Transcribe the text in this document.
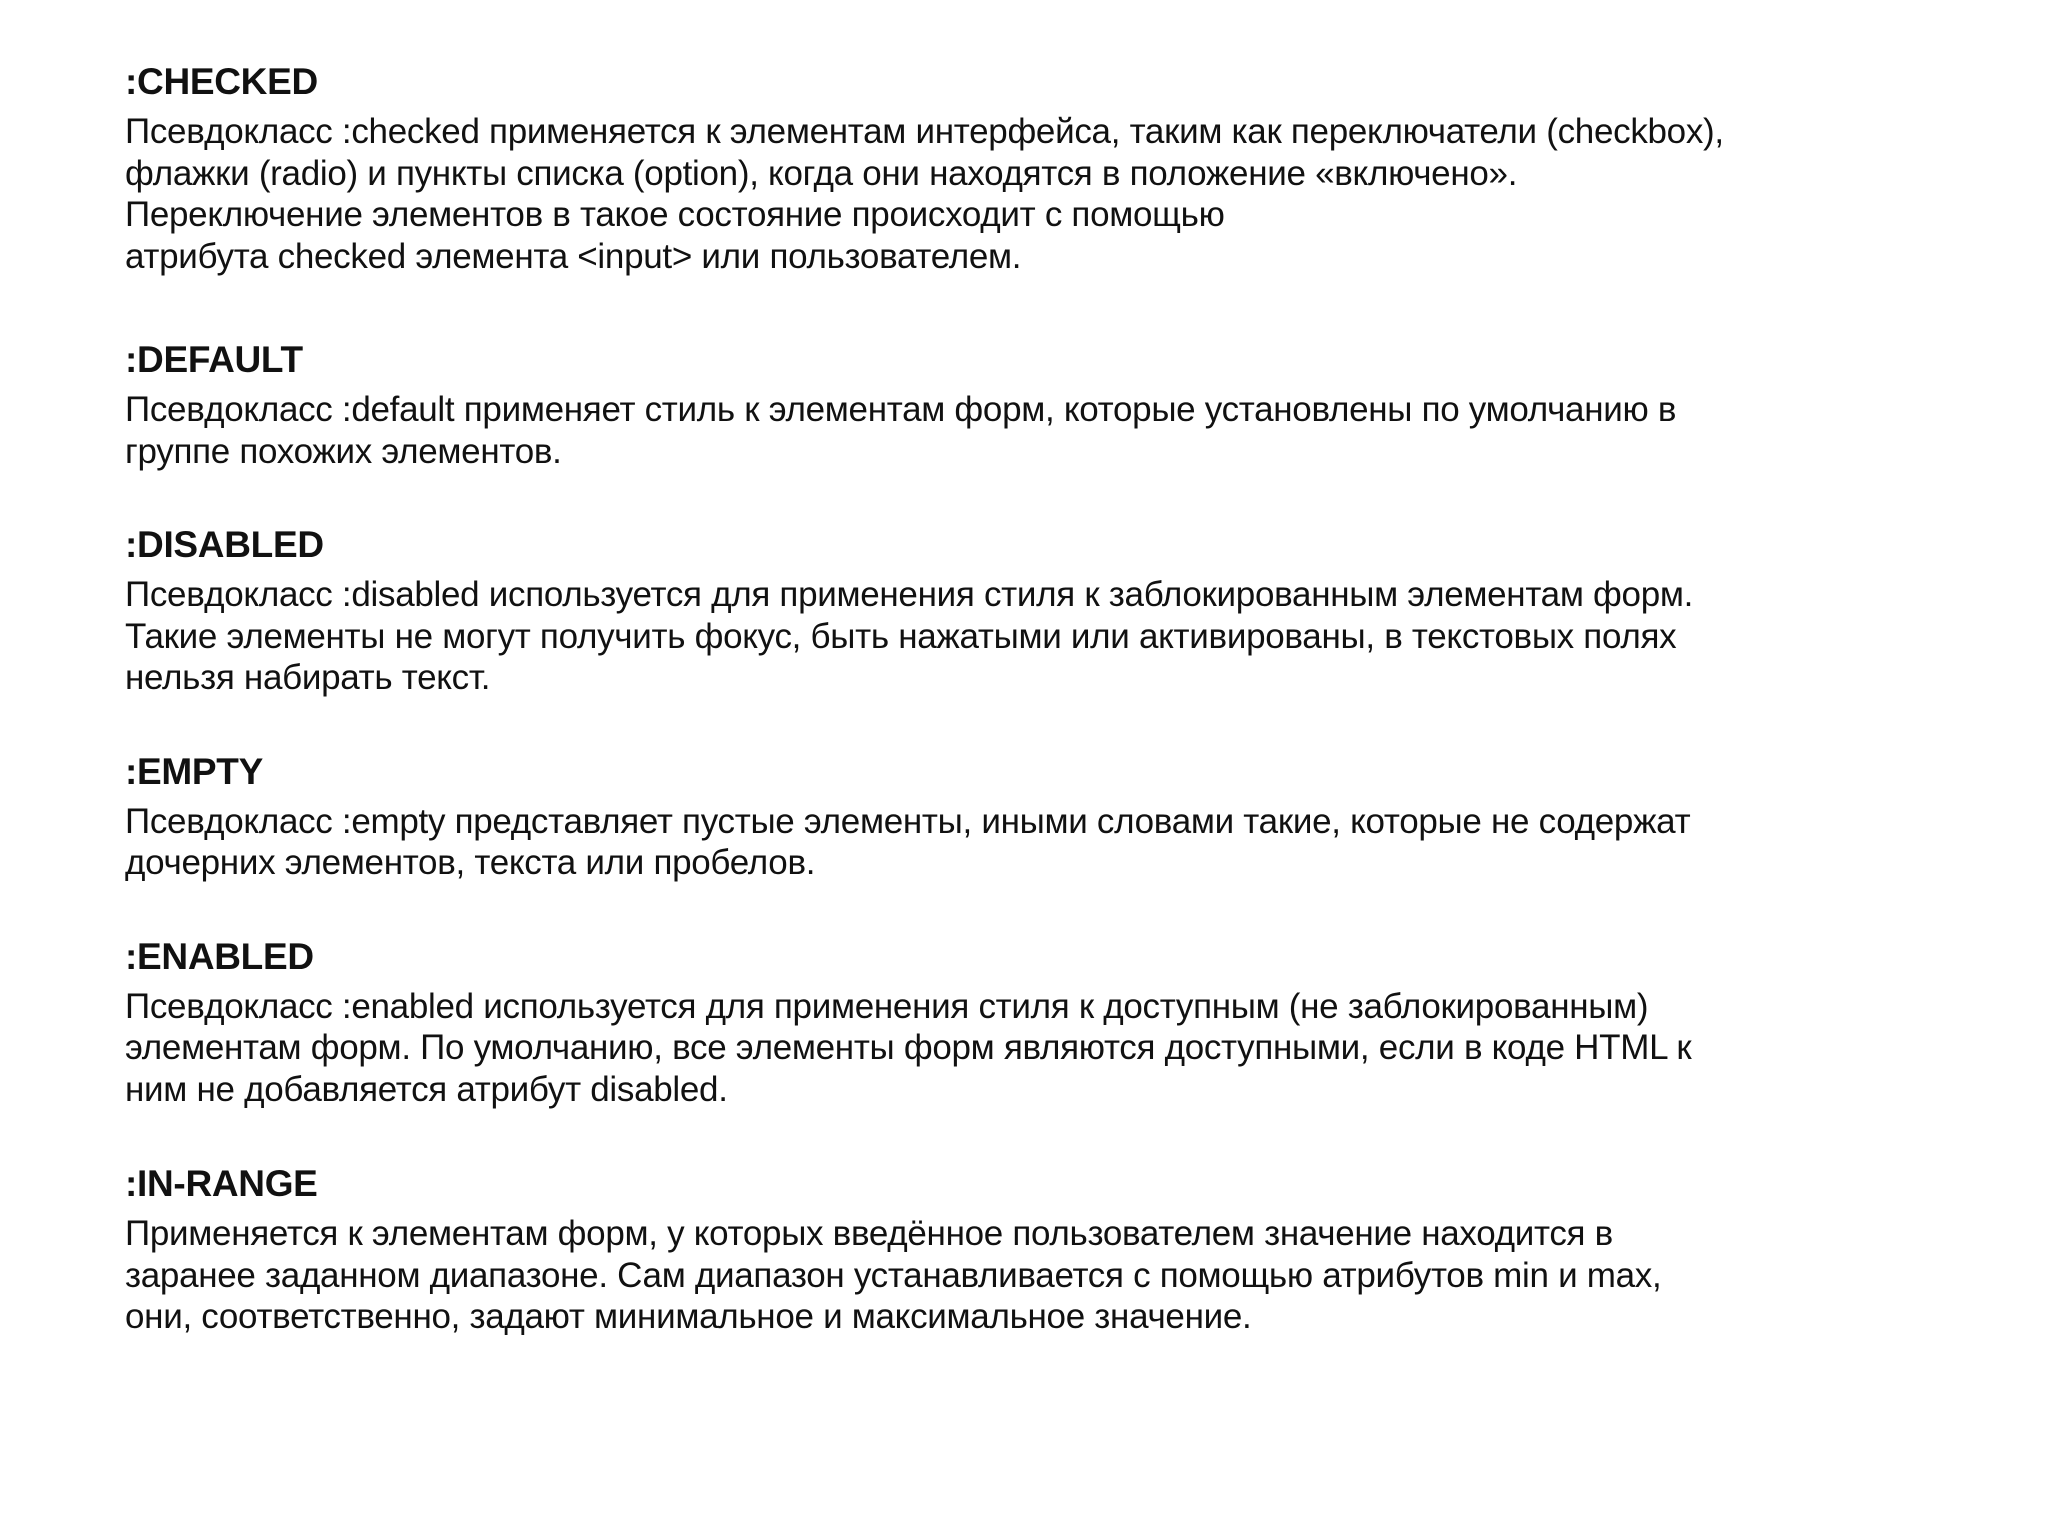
:CHECKED
Псевдокласс :checked применяется к элементам интерфейса, таким как переключатели (checkbox),
флажки (radio) и пункты списка (option), когда они находятся в положение «включено».
Переключение элементов в такое состояние происходит с помощью
атрибута checked элемента <input> или пользователем.
:DEFAULT
Псевдокласс :default применяет стиль к элементам форм, которые установлены по умолчанию в
группе похожих элементов.
:DISABLED
Псевдокласс :disabled используется для применения стиля к заблокированным элементам форм.
Такие элементы не могут получить фокус, быть нажатыми или активированы, в текстовых полях
нельзя набирать текст.
:EMPTY
Псевдокласс :empty представляет пустые элементы, иными словами такие, которые не содержат
дочерних элементов, текста или пробелов.
:ENABLED
Псевдокласс :enabled используется для применения стиля к доступным (не заблокированным)
элементам форм. По умолчанию, все элементы форм являются доступными, если в коде HTML к
ним не добавляется атрибут disabled.
:IN-RANGE
Применяется к элементам форм, у которых введённое пользователем значение находится в
заранее заданном диапазоне. Сам диапазон устанавливается с помощью атрибутов min и max,
они, соответственно, задают минимальное и максимальное значение.
